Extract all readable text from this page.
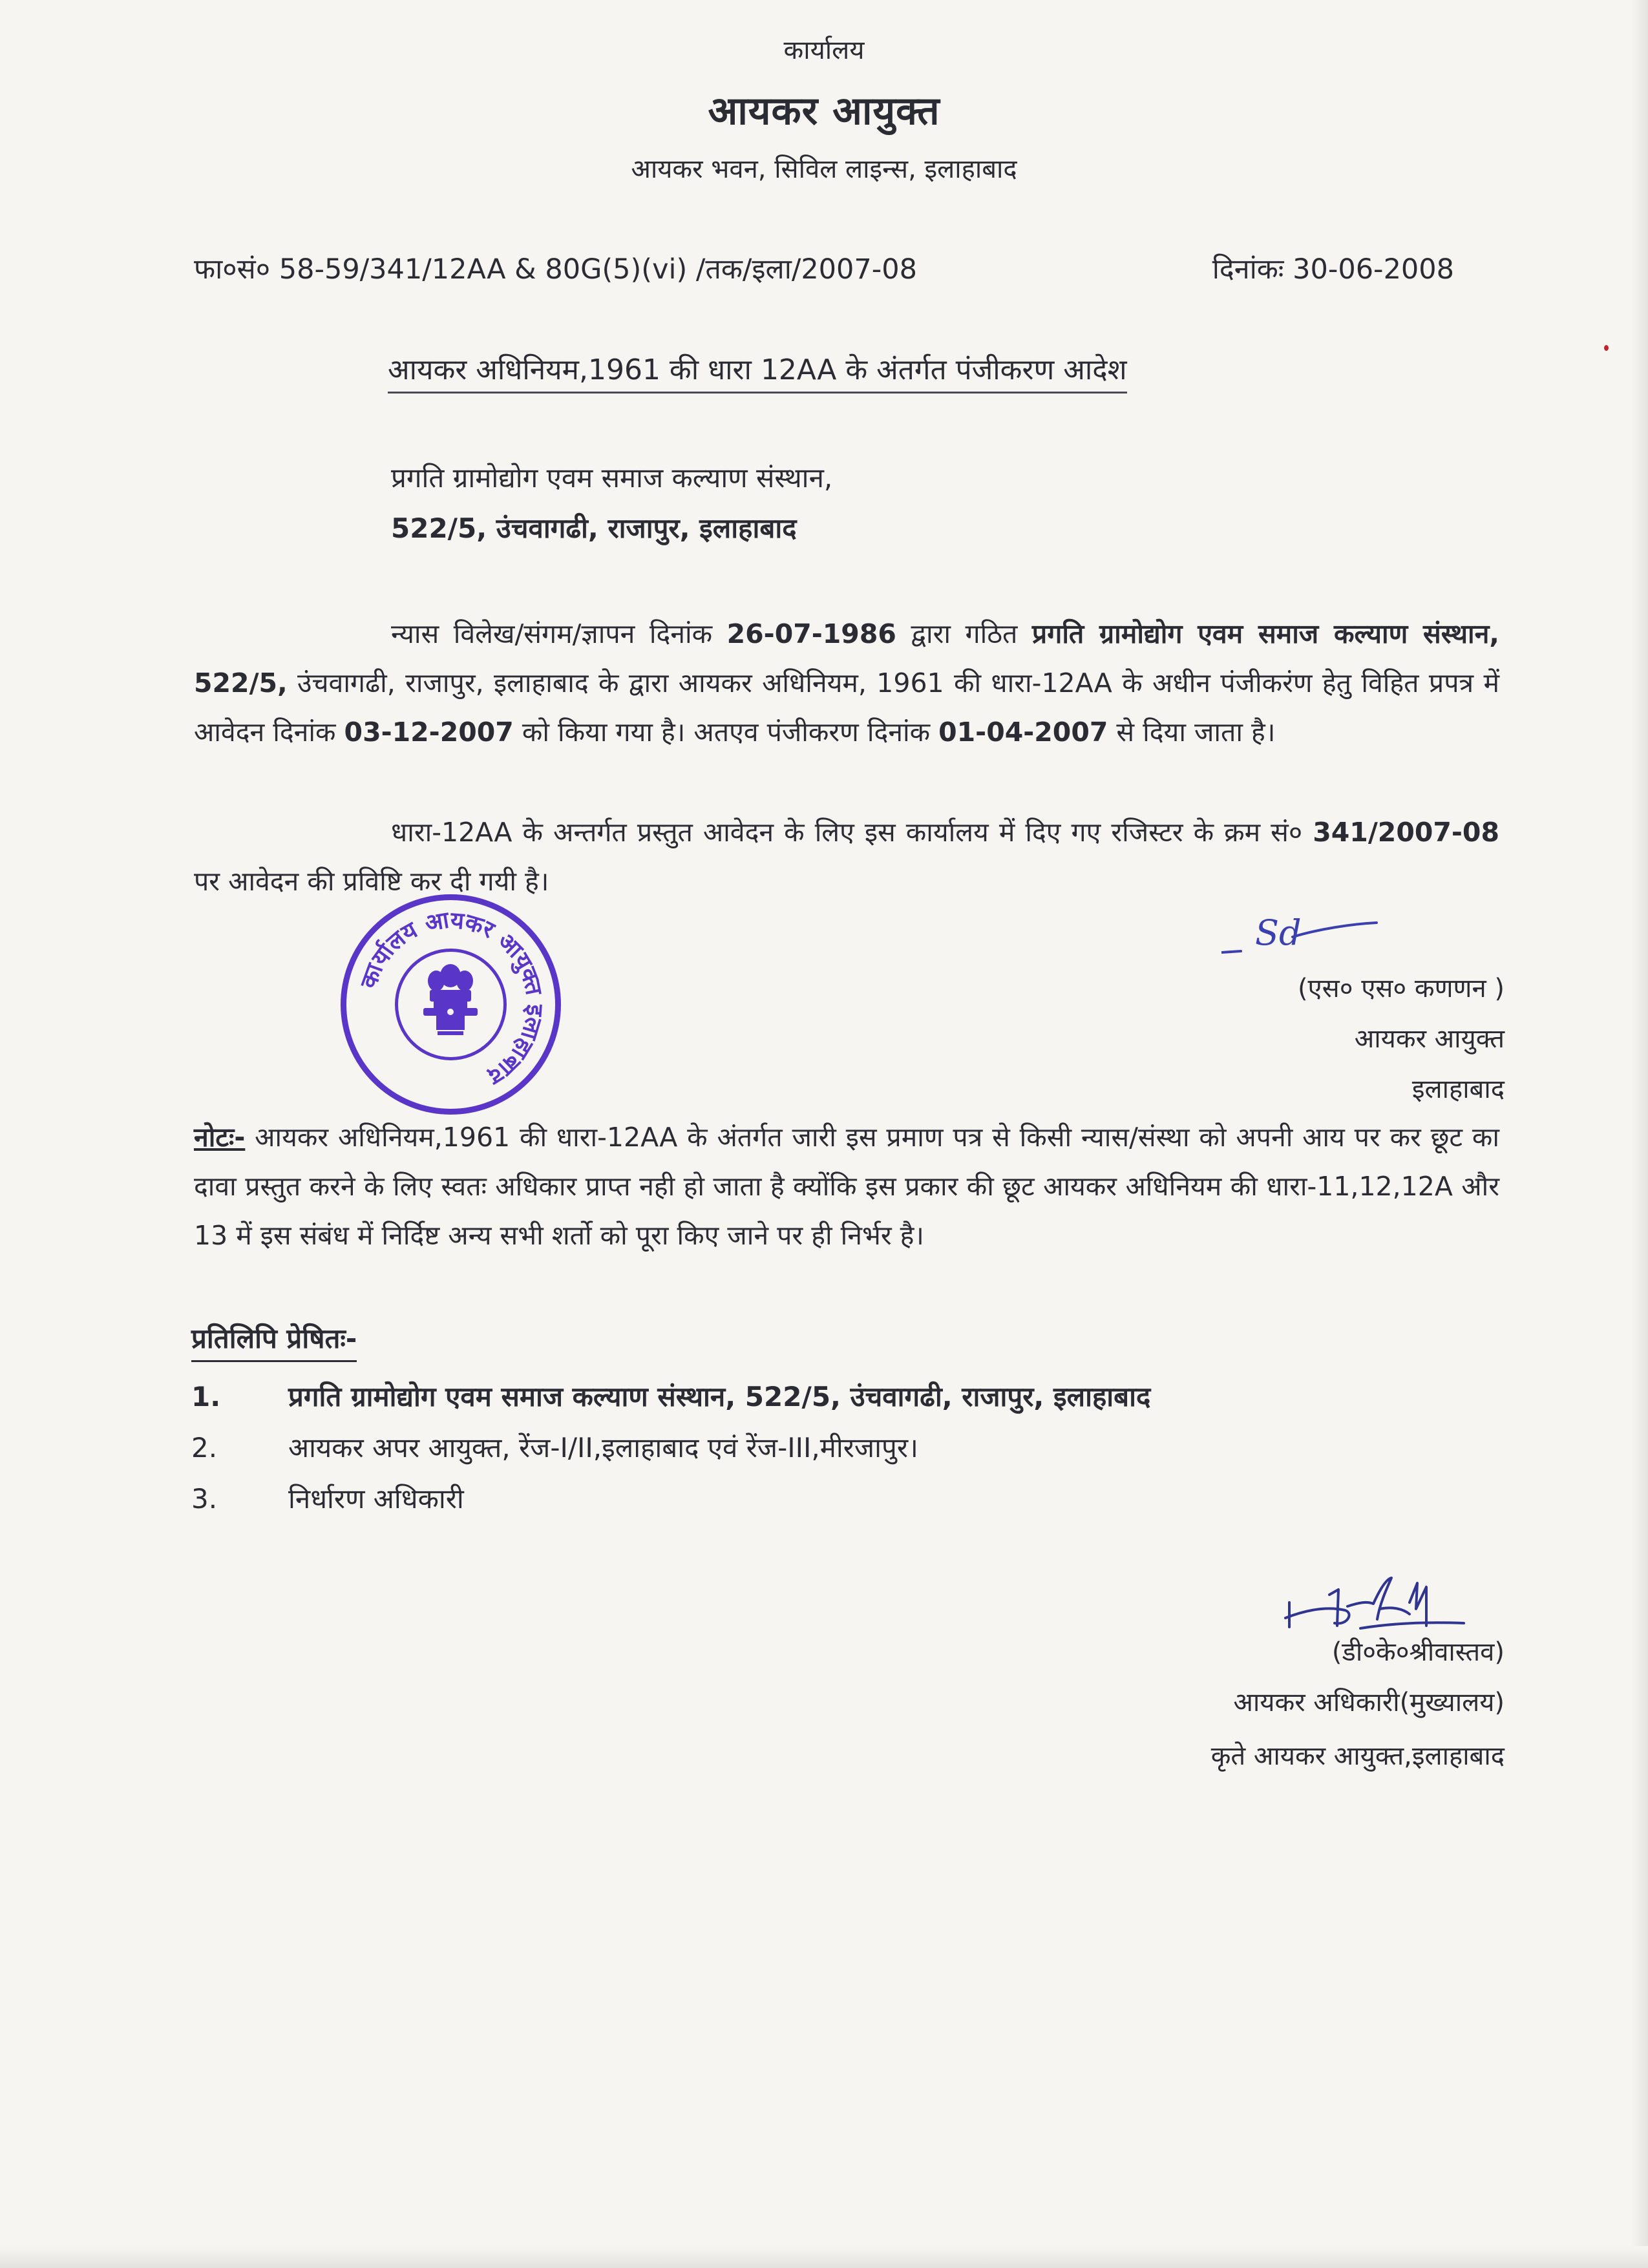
कार्यालय
आयकर आयुक्त
आयकर भवन, सिविल लाइन्स, इलाहाबाद
फा०सं० 58-59/341/12AA & 80G(5)(vi) /तक/इला/2007-08	दिनांकः 30-06-2008
आयकर अधिनियम,1961 की धारा 12AA के अंतर्गत पंजीकरण आदेश
प्रगति ग्रामोद्योग एवम समाज कल्याण संस्थान,
522/5, उंचवागढी, राजापुर, इलाहाबाद

न्यास विलेख/संगम/ज्ञापन दिनांक 26-07-1986 द्वारा गठित प्रगति ग्रामोद्योग एवम समाज कल्याण संस्थान, 522/5, उंचवागढी, राजापुर, इलाहाबाद के द्वारा आयकर अधिनियम, 1961 की धारा-12AA के अधीन पंजीकरंण हेतु विहित प्रपत्र में आवेदन दिनांक 03-12-2007 को किया गया है। अतएव पंजीकरण दिनांक 01-04-2007 से दिया जाता है।

धारा-12AA के अन्तर्गत प्रस्तुत आवेदन के लिए इस कार्यालय में दिए गए रजिस्टर के क्रम सं० 341/2007-08 पर आवेदन की प्रविष्टि कर दी गयी है।

कार्यालय आयकर आयुक्त इलाहाबाद
Sd
(एस० एस० कणणन )
आयकर आयुक्त
इलाहाबाद

नोटः- आयकर अधिनियम,1961 की धारा-12AA के अंतर्गत जारी इस प्रमाण पत्र से किसी न्यास/संस्था को अपनी आय पर कर छूट का दावा प्रस्तुत करने के लिए स्वतः अधिकार प्राप्त नही हो जाता है क्योंकि इस प्रकार की छूट आयकर अधिनियम की धारा-11,12,12A और 13 में इस संबंध में निर्दिष्ट अन्य सभी शर्तो को पूरा किए जाने पर ही निर्भर है।

प्रतिलिपि प्रेषितः-
1.	प्रगति ग्रामोद्योग एवम समाज कल्याण संस्थान, 522/5, उंचवागढी, राजापुर, इलाहाबाद
2.	आयकर अपर आयुक्त, रेंज-I/II,इलाहाबाद एवं रेंज-III,मीरजापुर।
3.	निर्धारण अधिकारी
(डी०के०श्रीवास्तव)
आयकर अधिकारी(मुख्यालय)
कृते आयकर आयुक्त,इलाहाबाद
